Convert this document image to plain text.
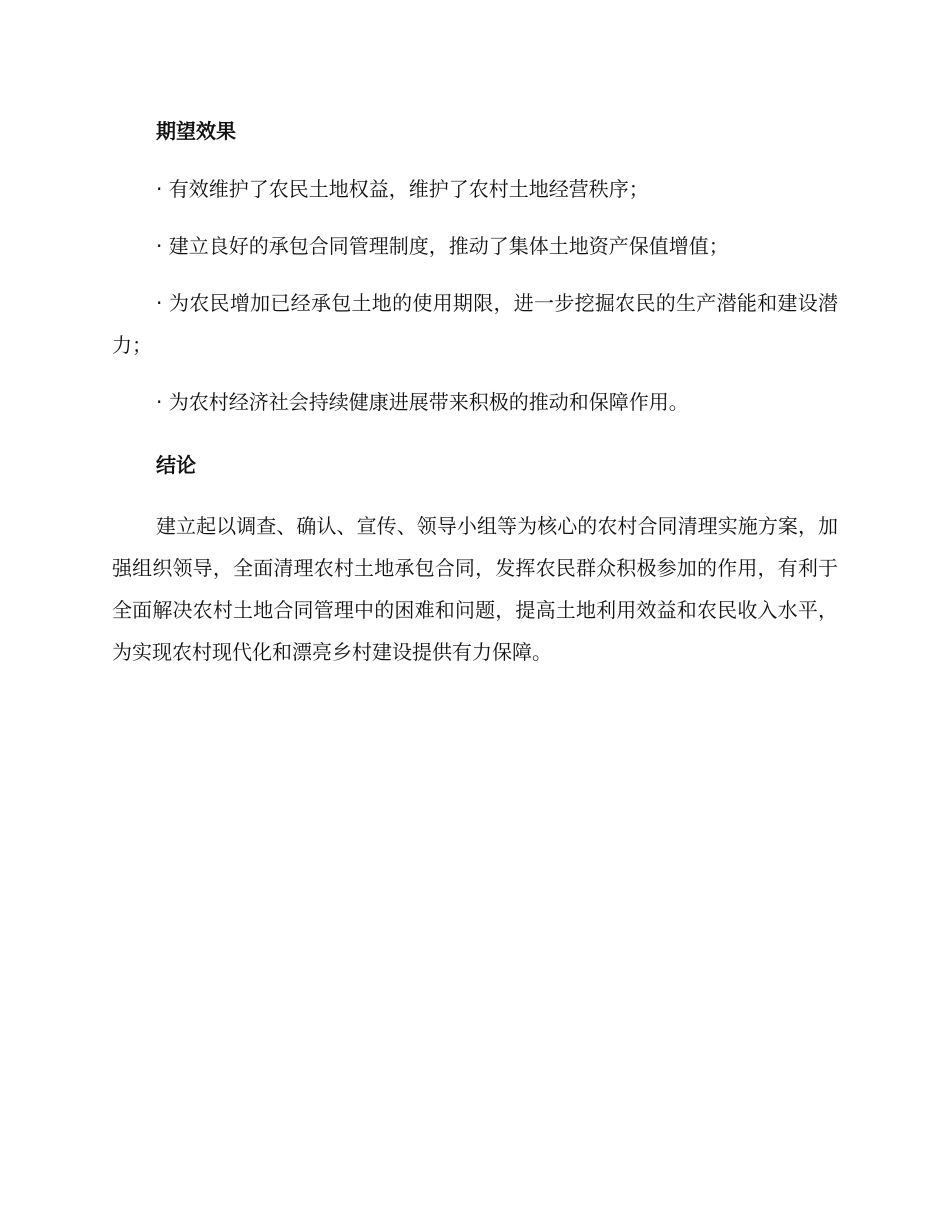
期望效果

· 有效维护了农民土地权益，维护了农村土地经营秩序；

· 建立良好的承包合同管理制度，推动了集体土地资产保值增值；

· 为农民增加已经承包土地的使用期限，进一步挖掘农民的生产潜能和建设潜力；

· 为农村经济社会持续健康进展带来积极的推动和保障作用。

结论

建立起以调查、确认、宣传、领导小组等为核心的农村合同清理实施方案，加强组织领导，全面清理农村土地承包合同，发挥农民群众积极参加的作用，有利于全面解决农村土地合同管理中的困难和问题，提高土地利用效益和农民收入水平，为实现农村现代化和漂亮乡村建设提供有力保障。
